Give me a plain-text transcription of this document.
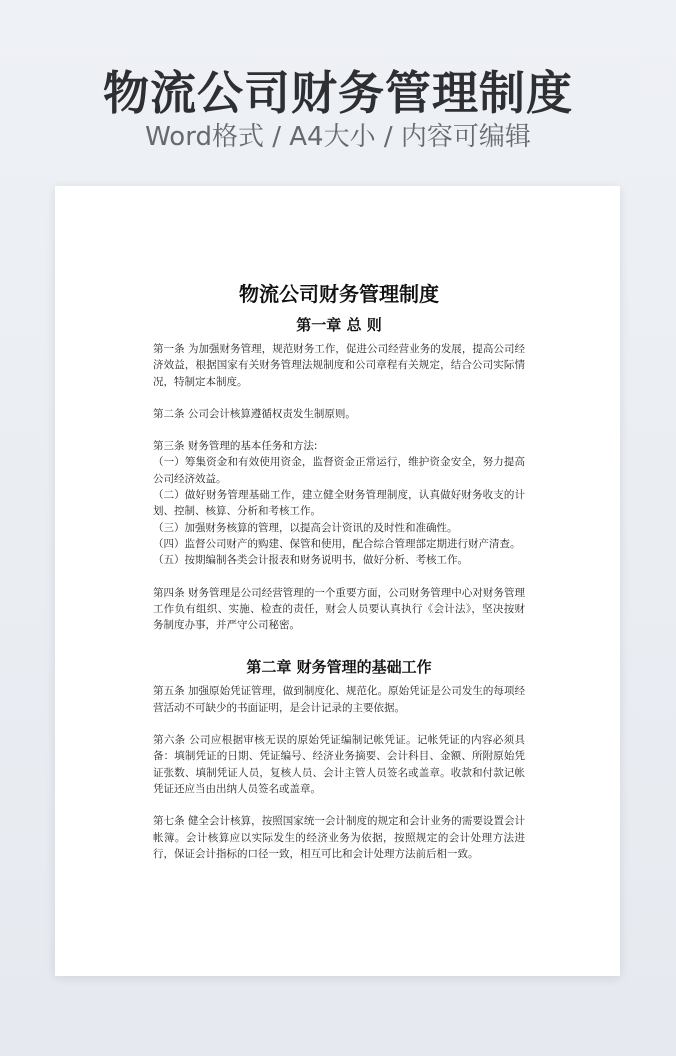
物流公司财务管理制度
Word格式 / A4大小 / 内容可编辑
物流公司财务管理制度
第一章 总 则

第一条 为加强财务管理，规范财务工作，促进公司经营业务的发展，提高公司经济效益，根据国家有关财务管理法规制度和公司章程有关规定，结合公司实际情况，特制定本制度。

第二条 公司会计核算遵循权责发生制原则。

第三条 财务管理的基本任务和方法:

（一）筹集资金和有效使用资金，监督资金正常运行，维护资金安全，努力提高公司经济效益。

（二）做好财务管理基础工作，建立健全财务管理制度，认真做好财务收支的计划、控制、核算、分析和考核工作。

（三）加强财务核算的管理，以提高会计资讯的及时性和准确性。

（四）监督公司财产的购建、保管和使用，配合综合管理部定期进行财产清查。

（五）按期编制各类会计报表和财务说明书，做好分析、考核工作。

第四条 财务管理是公司经营管理的一个重要方面，公司财务管理中心对财务管理工作负有组织、实施、检查的责任，财会人员要认真执行《会计法》，坚决按财务制度办事，并严守公司秘密。

第二章 财务管理的基础工作

第五条 加强原始凭证管理，做到制度化、规范化。原始凭证是公司发生的每项经营活动不可缺少的书面证明，是会计记录的主要依据。

第六条 公司应根据审核无误的原始凭证编制记帐凭证。记帐凭证的内容必须具备：填制凭证的日期、凭证编号、经济业务摘要、会计科目、金额、所附原始凭证张数、填制凭证人员，复核人员、会计主管人员签名或盖章。收款和付款记帐凭证还应当由出纳人员签名或盖章。

第七条 健全会计核算，按照国家统一会计制度的规定和会计业务的需要设置会计帐簿。会计核算应以实际发生的经济业务为依据，按照规定的会计处理方法进行，保证会计指标的口径一致，相互可比和会计处理方法前后相一致。
